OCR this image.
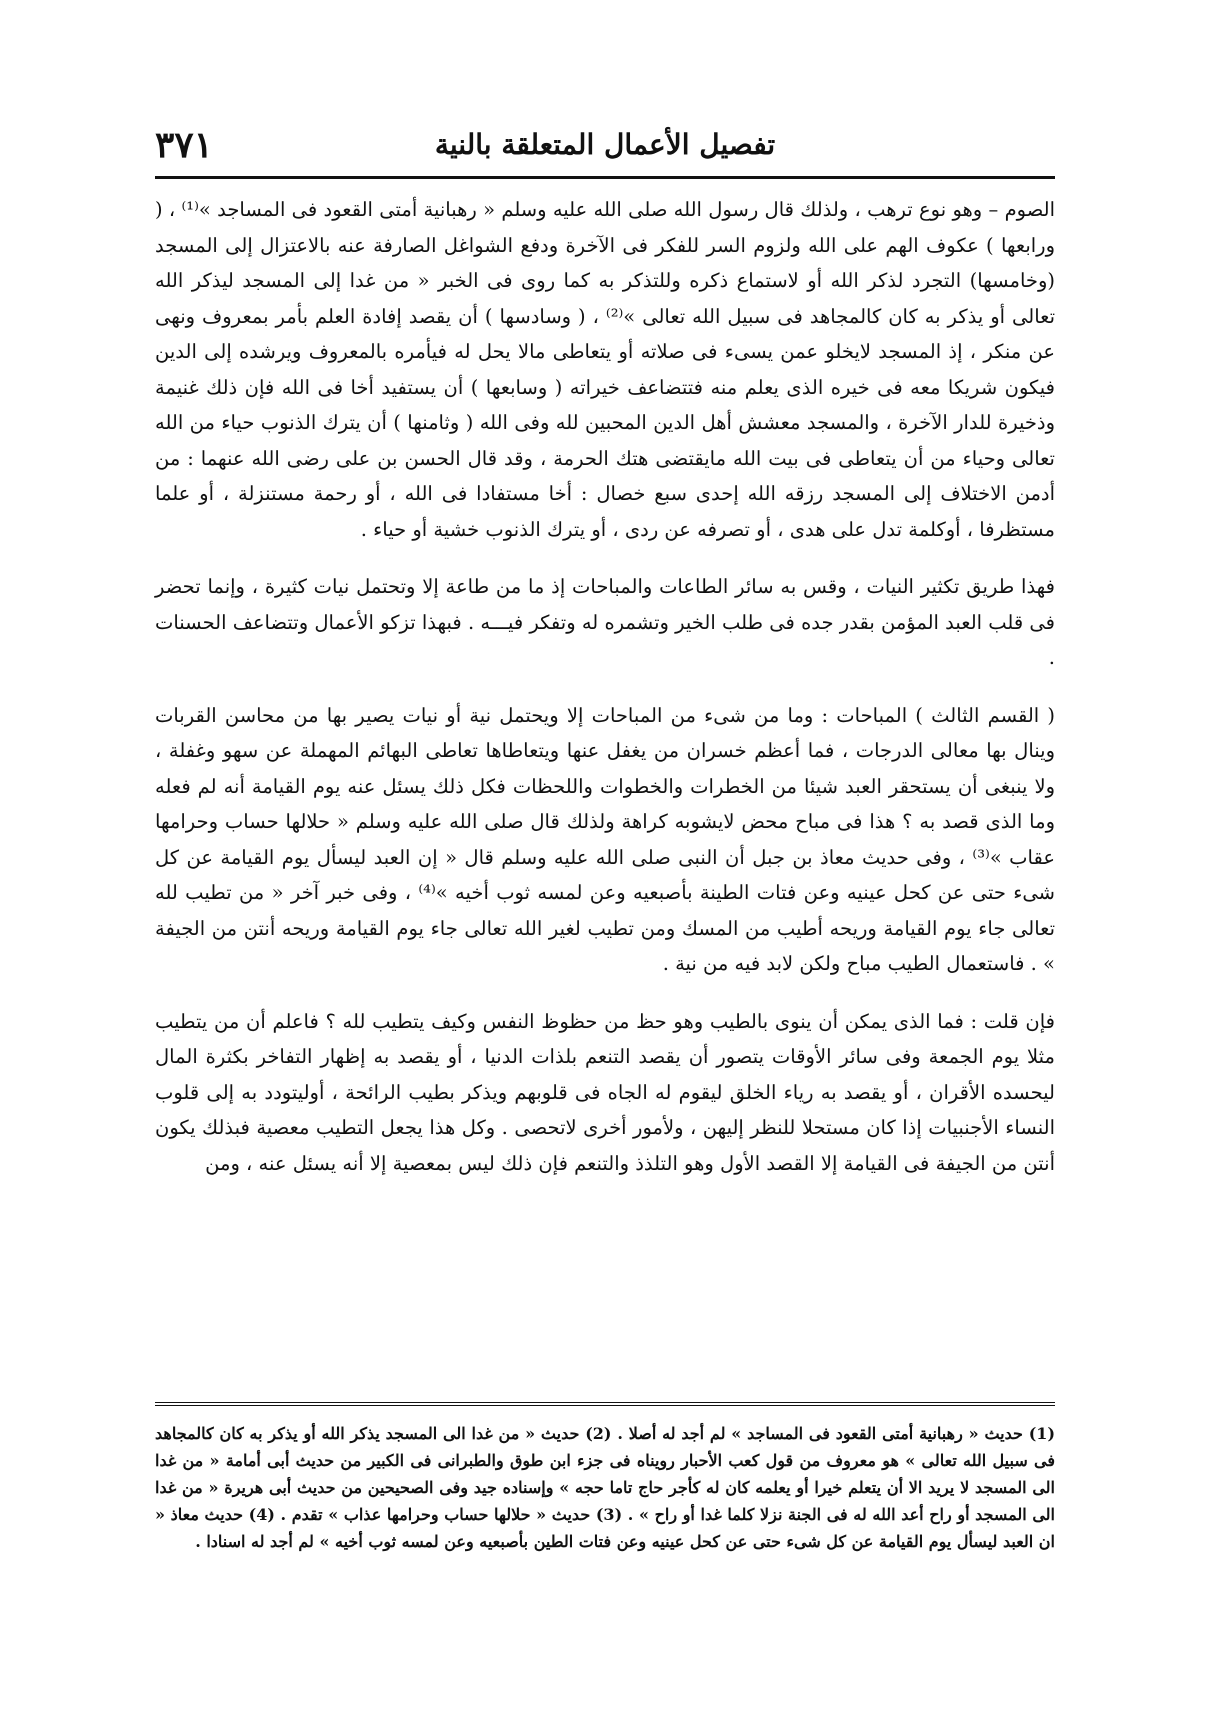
تفصيل الأعمال المتعلقة بالنية
٣٧١

الصوم – وهو نوع ترهب ، ولذلك قال رسول الله صلى الله عليه وسلم « رهبانية أمتى القعود فى المساجد »⁽¹⁾ ، ( ورابعها ) عكوف الهم على الله ولزوم السر للفكر فى الآخرة ودفع الشواغل الصارفة عنه بالاعتزال إلى المسجد (وخامسها) التجرد لذكر الله أو لاستماع ذكره وللتذكر به كما روى فى الخبر « من غدا إلى المسجد ليذكر الله تعالى أو يذكر به كان كالمجاهد فى سبيل الله تعالى »⁽²⁾ ، ( وسادسها ) أن يقصد إفادة العلم بأمر بمعروف ونهى عن منكر ، إذ المسجد لايخلو عمن يسىء فى صلاته أو يتعاطى مالا يحل له فيأمره بالمعروف ويرشده إلى الدين فيكون شريكا معه فى خيره الذى يعلم منه فتتضاعف خيراته ( وسابعها ) أن يستفيد أخا فى الله فإن ذلك غنيمة وذخيرة للدار الآخرة ، والمسجد معشش أهل الدين المحبين لله وفى الله ( وثامنها ) أن يترك الذنوب حياء من الله تعالى وحياء من أن يتعاطى فى بيت الله مايقتضى هتك الحرمة ، وقد قال الحسن بن على رضى الله عنهما : من أدمن الاختلاف إلى المسجد رزقه الله إحدى سبع خصال : أخا مستفادا فى الله ، أو رحمة مستنزلة ، أو علما مستظرفا ، أوكلمة تدل على هدى ، أو تصرفه عن ردى ، أو يترك الذنوب خشية أو حياء .

فهذا طريق تكثير النيات ، وقس به سائر الطاعات والمباحات إذ ما من طاعة إلا وتحتمل نيات كثيرة ، وإنما تحضر فى قلب العبد المؤمن بقدر جده فى طلب الخير وتشمره له وتفكر فيـــه . فبهذا تزكو الأعمال وتتضاعف الحسنات .

( القسم الثالث ) المباحات : وما من شىء من المباحات إلا ويحتمل نية أو نيات يصير بها من محاسن القربات وينال بها معالى الدرجات ، فما أعظم خسران من يغفل عنها ويتعاطاها تعاطى البهائم المهملة عن سهو وغفلة ، ولا ينبغى أن يستحقر العبد شيئا من الخطرات والخطوات واللحظات فكل ذلك يسئل عنه يوم القيامة أنه لم فعله وما الذى قصد به ؟ هذا فى مباح محض لايشوبه كراهة ولذلك قال صلى الله عليه وسلم « حلالها حساب وحرامها عقاب »⁽³⁾ ، وفى حديث معاذ بن جبل أن النبى صلى الله عليه وسلم قال « إن العبد ليسأل يوم القيامة عن كل شىء حتى عن كحل عينيه وعن فتات الطينة بأصبعيه وعن لمسه ثوب أخيه »⁽⁴⁾ ، وفى خبر آخر « من تطيب لله تعالى جاء يوم القيامة وريحه أطيب من المسك ومن تطيب لغير الله تعالى جاء يوم القيامة وريحه أنتن من الجيفة » . فاستعمال الطيب مباح ولكن لابد فيه من نية .

فإن قلت : فما الذى يمكن أن ينوى بالطيب وهو حظ من حظوظ النفس وكيف يتطيب لله ؟ فاعلم أن من يتطيب مثلا يوم الجمعة وفى سائر الأوقات يتصور أن يقصد التنعم بلذات الدنيا ، أو يقصد به إظهار التفاخر بكثرة المال ليحسده الأقران ، أو يقصد به رياء الخلق ليقوم له الجاه فى قلوبهم ويذكر بطيب الرائحة ، أوليتودد به إلى قلوب النساء الأجنبيات إذا كان مستحلا للنظر إليهن ، ولأمور أخرى لاتحصى . وكل هذا يجعل التطيب معصية فبذلك يكون أنتن من الجيفة فى القيامة إلا القصد الأول وهو التلذذ والتنعم فإن ذلك ليس بمعصية إلا أنه يسئل عنه ، ومن

(1) حديث « رهبانية أمتى القعود فى المساجد » لم أجد له أصلا . (2) حديث « من غدا الى المسجد يذكر الله أو يذكر به كان كالمجاهد فى سبيل الله تعالى » هو معروف من قول كعب الأحبار رويناه فى جزء ابن طوق والطبرانى فى الكبير من حديث أبى أمامة « من غدا الى المسجد لا يريد الا أن يتعلم خيرا أو يعلمه كان له كأجر حاج تاما حجه » وإسناده جيد وفى الصحيحين من حديث أبى هريرة « من غدا الى المسجد أو راح أعد الله له فى الجنة نزلا كلما غدا أو راح » . (3) حديث « حلالها حساب وحرامها عذاب » تقدم . (4) حديث معاذ « ان العبد ليسأل يوم القيامة عن كل شىء حتى عن كحل عينيه وعن فتات الطين بأصبعيه وعن لمسه ثوب أخيه » لم أجد له اسنادا .
